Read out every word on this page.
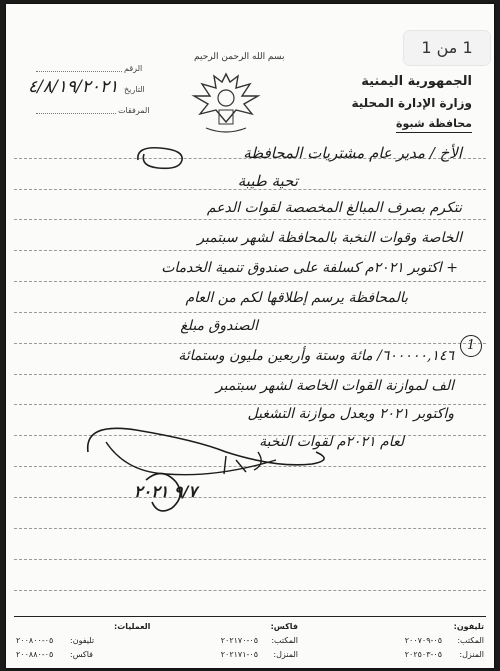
الرقم
التاريخ
٤/٨/١٩/٢٠٢١
المرفقات
بسم الله الرحمن الرحيم
الجمهورية اليمنية
وزارة الإدارة المحلية
محافظة شبوة
الأخ / مدير عام مشتريات المحافظة
تحية طيبة
نتكرم بصرف المبالغ المخصصة لقوات الدعم
الخاصة وقوات النخبة بالمحافظة لشهر سبتمبر
+ اكتوبر ٢٠٢١م كسلفة على صندوق تنمية الخدمات
بالمحافظة يرسم إطلاقها لكم من العام
الصندوق مبلغ
1
٦٠٠٠٠٠,١٤٦/ مائة وستة وأربعين مليون وستمائة
الف لموازنة القوات الخاصة لشهر سبتمبر
واكتوبر ٢٠٢١ ويعدل موازنة التشغيل
لعام ٢٠٢١م لقوات النخبة
٩/٧ ٢٠٢١
تليفون:
المكتب:
٠٥-٢٠٠٧٠٩
المنزل:
٠٥-٢٠٢٥٠٣
فاكس:
المكتب:
٠٥-٢٠٢١٧٠
المنزل:
٠٥-٢٠٢١٧١
العمليات:
تليفون:
٠٥-٢٠٠٨٠٠
فاكس:
٠٥-٢٠٠٨٨٠
1 من 1
